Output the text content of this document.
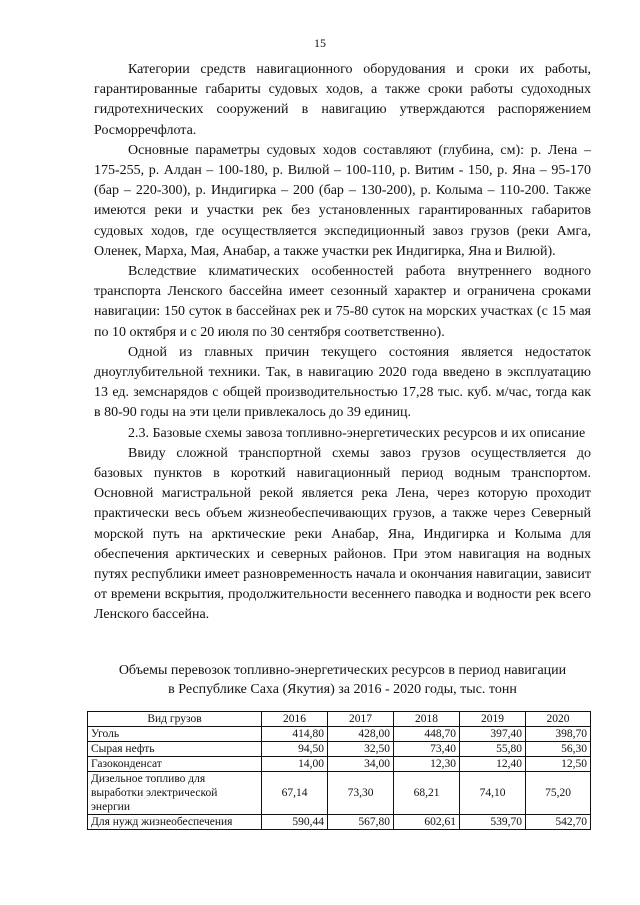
15

Категории средств навигационного оборудования и сроки их работы, гарантированные габариты судовых ходов, а также сроки работы судоходных гидротехнических сооружений в навигацию утверждаются распоряжением Росморречфлота.

Основные параметры судовых ходов составляют (глубина, см): р. Лена – 175-255, р. Алдан – 100-180, р. Вилюй – 100-110, р. Витим - 150, р. Яна – 95-170 (бар – 220-300), р. Индигирка – 200 (бар – 130-200), р. Колыма – 110-200. Также имеются реки и участки рек без установленных гарантированных габаритов судовых ходов, где осуществляется экспедиционный завоз грузов (реки Амга, Оленек, Марха, Мая, Анабар, а также участки рек Индигирка, Яна и Вилюй).

Вследствие климатических особенностей работа внутреннего водного транспорта Ленского бассейна имеет сезонный характер и ограничена сроками навигации: 150 суток в бассейнах рек и 75-80 суток на морских участках (с 15 мая по 10 октября и с 20 июля по 30 сентября соответственно).

Одной из главных причин текущего состояния является недостаток дноуглубительной техники. Так, в навигацию 2020 года введено в эксплуатацию 13 ед. земснарядов с общей производительностью 17,28 тыс. куб. м/час, тогда как в 80-90 годы на эти цели привлекалось до 39 единиц.

2.3. Базовые схемы завоза топливно-энергетических ресурсов и их описание

Ввиду сложной транспортной схемы завоз грузов осуществляется до базовых пунктов в короткий навигационный период водным транспортом. Основной магистральной рекой является река Лена, через которую проходит практически весь объем жизнеобеспечивающих грузов, а также через Северный морской путь на арктические реки Анабар, Яна, Индигирка и Колыма для обеспечения арктических и северных районов. При этом навигация на водных путях республики имеет разновременность начала и окончания навигации, зависит от времени вскрытия, продолжительности весеннего паводка и водности рек всего Ленского бассейна.

Объемы перевозок топливно-энергетических ресурсов в период навигации
в Республике Саха (Якутия) за 2016 - 2020 годы, тыс. тонн
Вид грузов	2016	2017	2018	2019	2020
Уголь	414,80	428,00	448,70	397,40	398,70
Сырая нефть	94,50	32,50	73,40	55,80	56,30
Газоконденсат	14,00	34,00	12,30	12,40	12,50
Дизельное топливо для выработки электрической энергии	67,14	73,30	68,21	74,10	75,20
Для нужд жизнеобеспечения	590,44	567,80	602,61	539,70	542,70
